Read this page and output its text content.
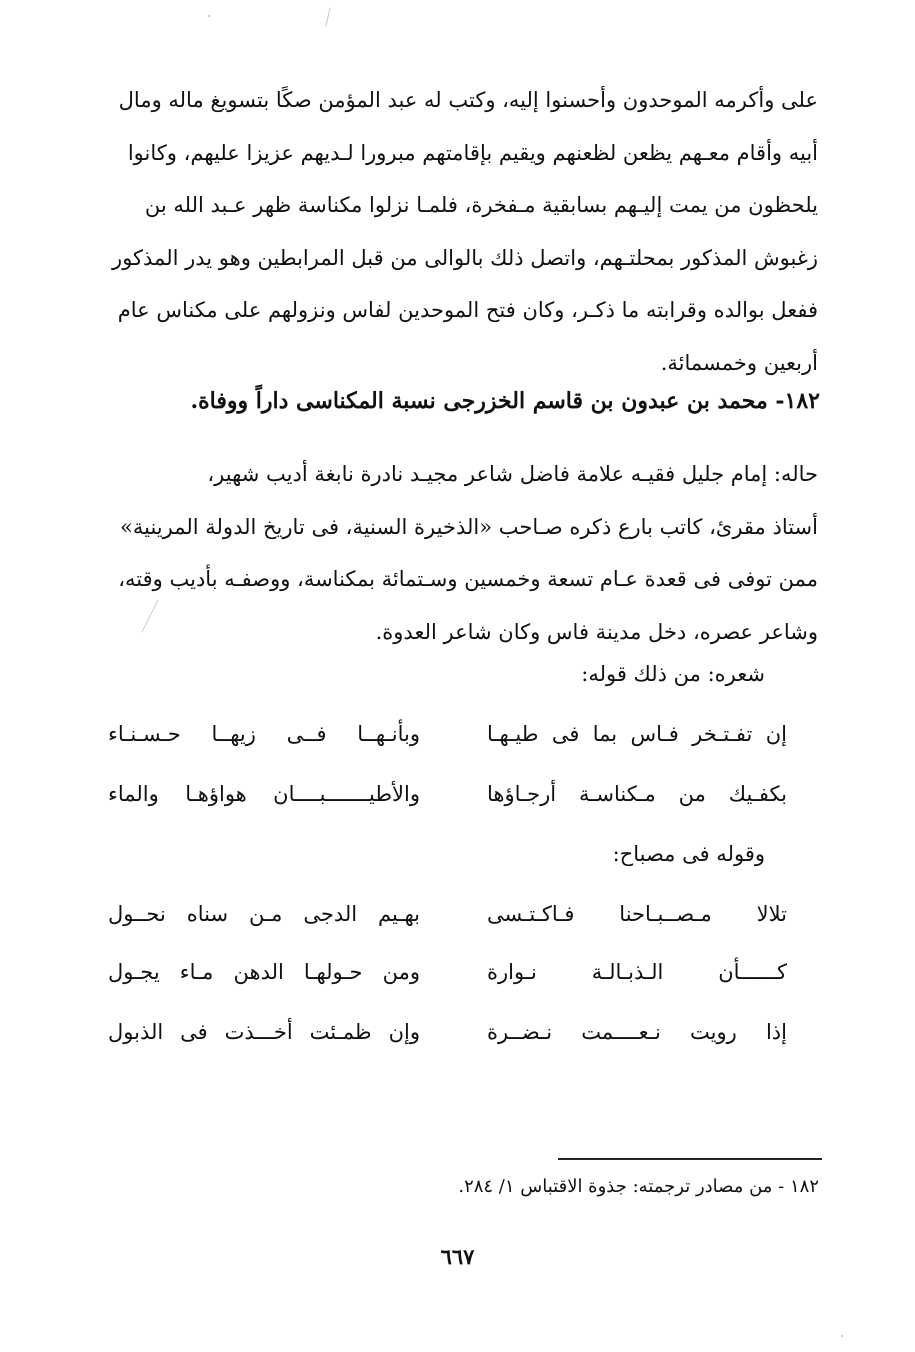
على وأكرمه الموحدون وأحسنوا إليه، وكتب له عبد المؤمن صكًا بتسويغ ماله ومال

أبيه وأقام معـهم يظعن لظعنهم ويقيم بإقامتهم مبرورا لـديهم عزيزا عليهم، وكانوا

يلحظون من يمت إليـهم بسابقية مـفخرة، فلمـا نزلوا مكناسة ظهر عـبد الله بن

زغبوش المذكور بمحلتـهم، واتصل ذلك بالوالى من قبل المرابطين وهو يدر المذكور

ففعل بوالده وقرابته ما ذكـر، وكان فتح الموحدين لفاس ونزولهم على مكناس عام

أربعين وخمسمائة.

١٨٢- محمد بن عبدون بن قاسم الخزرجى نسبة المكناسى داراً ووفاة.

حاله: إمام جليل فقيـه علامة فاضل شاعر مجيـد نادرة نابغة أديب شهير،

أستاذ مقرئ، كاتب بارع ذكره صـاحب «الذخيرة السنية، فى تاريخ الدولة المرينية»

ممن توفى فى قعدة عـام تسعة وخمسين وسـتمائة بمكناسة، ووصفـه بأديب وقته،

وشاعر عصره، دخل مدينة فاس وكان شاعر العدوة.

شعره: من ذلك قوله:
إن تفـتـخر فـاس بما فى طيـهـا
وبأنـهــا فــى زيهــا حـسـنـاء
بكفـيك من مـكناسـة أرجـاؤها
والأطيـــــــبــــان هواؤهـا والماء
وقوله فى مصباح:
تلالا مـصــبـاحنا فـاكـتـسى
بهـيم الدجى مـن سناه نحــول
كــــــأن الـذبـالـة نـوارة
ومن حـولهـا الدهن مـاء يجـول
إذا رويت نـعــــمت نـضــرة
وإن ظمـئت أخـــذت فى الذبول
١٨٢ - من مصادر ترجمته: جذوة الاقتباس ١/ ٢٨٤.
٦٦٧
